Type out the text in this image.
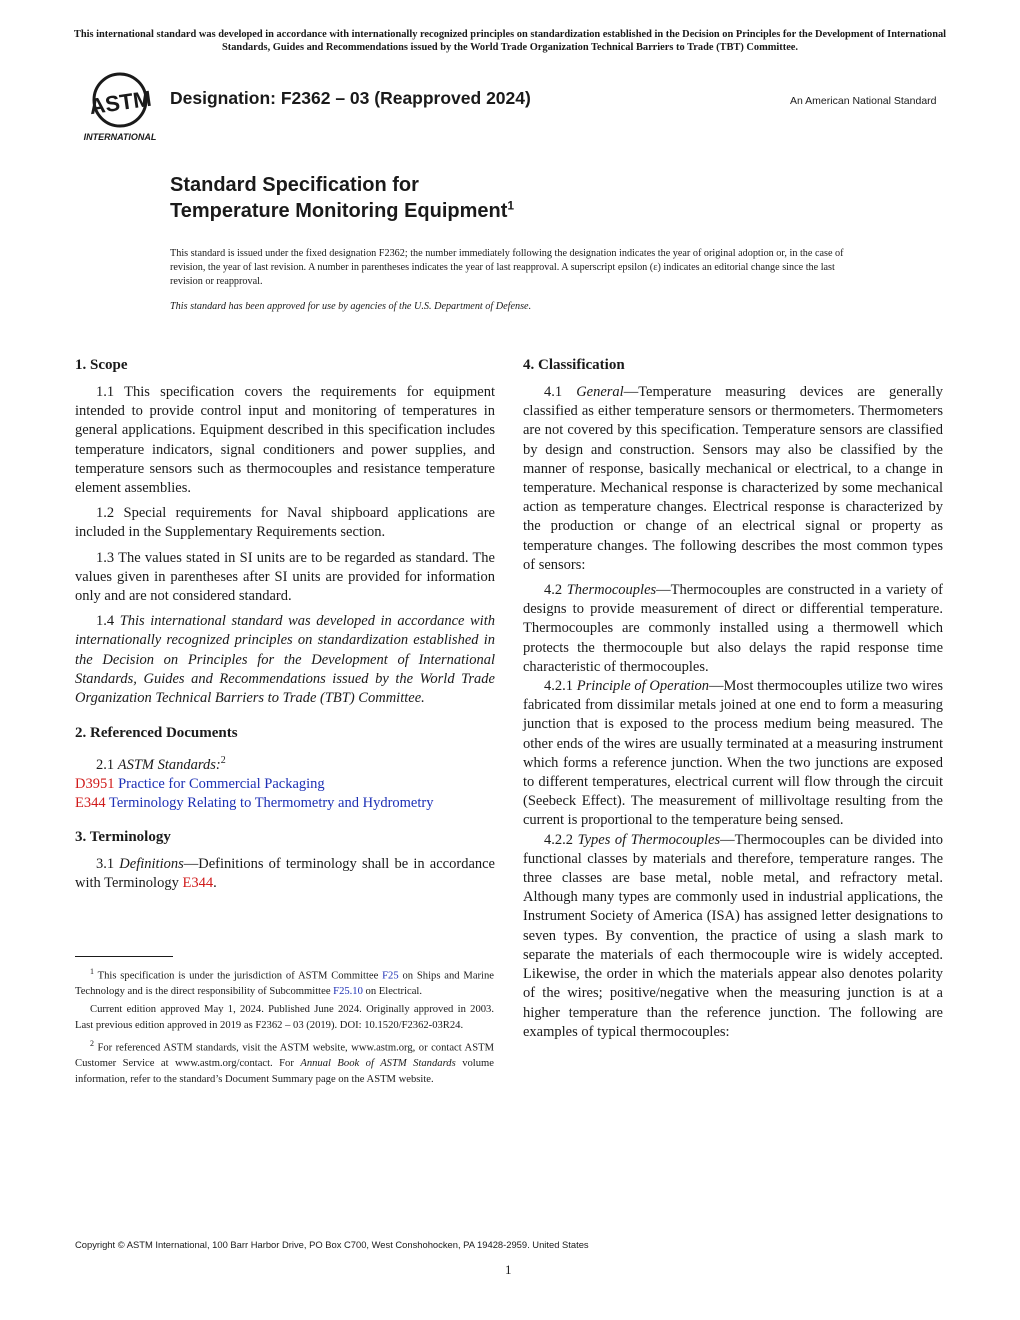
This international standard was developed in accordance with internationally recognized principles on standardization established in the Decision on Principles for the Development of International Standards, Guides and Recommendations issued by the World Trade Organization Technical Barriers to Trade (TBT) Committee.
ASTM
INTERNATIONAL
Designation: F2362 – 03 (Reapproved 2024)	An American National Standard
Standard Specification for
Temperature Monitoring Equipment$^1$
This standard is issued under the fixed designation F2362; the number immediately following the designation indicates the year of original adoption or, in the case of revision, the year of last revision. A number in parentheses indicates the year of last reapproval. A superscript epsilon (ε) indicates an editorial change since the last revision or reapproval.
This standard has been approved for use by agencies of the U.S. Department of Defense.
1. Scope

1.1 This specification covers the requirements for equipment intended to provide control input and monitoring of temperatures in general applications. Equipment described in this specification includes temperature indicators, signal conditioners and power supplies, and temperature sensors such as thermocouples and resistance temperature element assemblies.

1.2 Special requirements for Naval shipboard applications are included in the Supplementary Requirements section.

1.3 The values stated in SI units are to be regarded as standard. The values given in parentheses after SI units are provided for information only and are not considered standard.

1.4 This international standard was developed in accordance with internationally recognized principles on standardization established in the Decision on Principles for the Development of International Standards, Guides and Recommendations issued by the World Trade Organization Technical Barriers to Trade (TBT) Committee.

2. Referenced Documents

2.1 ASTM Standards:$^2$

D3951 Practice for Commercial Packaging

E344 Terminology Relating to Thermometry and Hydrometry

3. Terminology

3.1 Definitions—Definitions of terminology shall be in accordance with Terminology E344.

4. Classification

4.1 General—Temperature measuring devices are generally classified as either temperature sensors or thermometers. Thermometers are not covered by this specification. Temperature sensors are classified by design and construction. Sensors may also be classified by the manner of response, basically mechanical or electrical, to a change in temperature. Mechanical response is characterized by some mechanical action as temperature changes. Electrical response is characterized by the production or change of an electrical signal or property as temperature changes. The following describes the most common types of sensors:

4.2 Thermocouples—Thermocouples are constructed in a variety of designs to provide measurement of direct or differential temperature. Thermocouples are commonly installed using a thermowell which protects the thermocouple but also delays the rapid response time characteristic of thermocouples.

4.2.1 Principle of Operation—Most thermocouples utilize two wires fabricated from dissimilar metals joined at one end to form a measuring junction that is exposed to the process medium being measured. The other ends of the wires are usually terminated at a measuring instrument which forms a reference junction. When the two junctions are exposed to different temperatures, electrical current will flow through the circuit (Seebeck Effect). The measurement of millivoltage resulting from the current is proportional to the temperature being sensed.

4.2.2 Types of Thermocouples—Thermocouples can be divided into functional classes by materials and therefore, temperature ranges. The three classes are base metal, noble metal, and refractory metal. Although many types are commonly used in industrial applications, the Instrument Society of America (ISA) has assigned letter designations to seven types. By convention, the practice of using a slash mark to separate the materials of each thermocouple wire is widely accepted. Likewise, the order in which the materials appear also denotes polarity of the wires; positive/negative when the measuring junction is at a higher temperature than the reference junction. The following are examples of typical thermocouples:

$^1$ This specification is under the jurisdiction of ASTM Committee F25 on Ships and Marine Technology and is the direct responsibility of Subcommittee F25.10 on Electrical.

Current edition approved May 1, 2024. Published June 2024. Originally approved in 2003. Last previous edition approved in 2019 as F2362 – 03 (2019). DOI: 10.1520/F2362-03R24.

$^2$ For referenced ASTM standards, visit the ASTM website, www.astm.org, or contact ASTM Customer Service at www.astm.org/contact. For Annual Book of ASTM Standards volume information, refer to the standard’s Document Summary page on the ASTM website.

Copyright © ASTM International, 100 Barr Harbor Drive, PO Box C700, West Conshohocken, PA 19428-2959. United States
1
